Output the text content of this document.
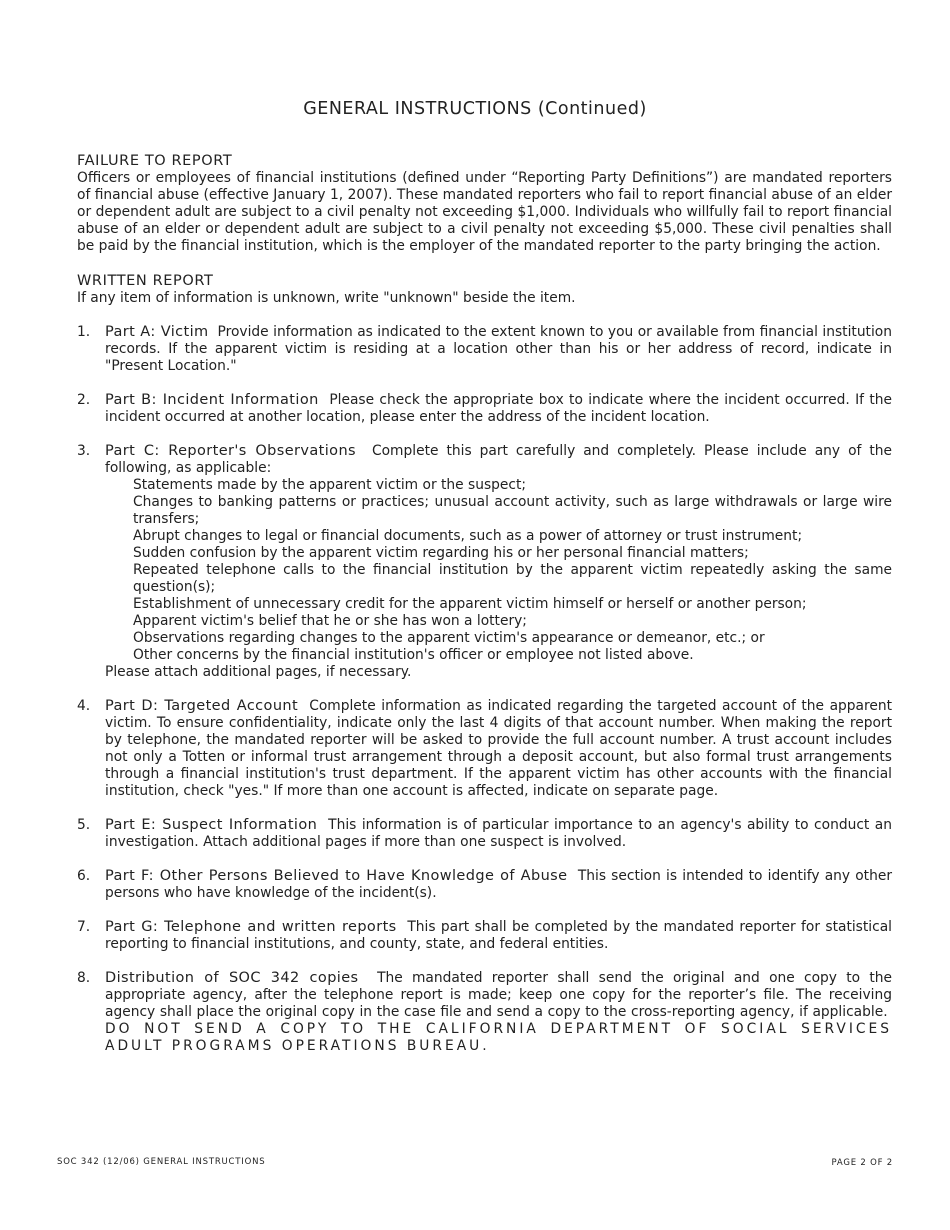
GENERAL INSTRUCTIONS (Continued)
FAILURE TO REPORT
Officers or employees of financial institutions (defined under “Reporting Party Definitions”) are mandated reporters of financial abuse (effective January 1, 2007). These mandated reporters who fail to report financial abuse of an elder or dependent adult are subject to a civil penalty not exceeding $1,000. Individuals who willfully fail to report financial abuse of an elder or dependent adult are subject to a civil penalty not exceeding $5,000. These civil penalties shall be paid by the financial institution, which is the employer of the mandated reporter to the party bringing the action.
WRITTEN REPORT
If any item of information is unknown, write "unknown" beside the item.
1. Part A: Victim Provide information as indicated to the extent known to you or available from financial institution records. If the apparent victim is residing at a location other than his or her address of record, indicate in "Present Location."
2. Part B: Incident Information Please check the appropriate box to indicate where the incident occurred. If the incident occurred at another location, please enter the address of the incident location.
3. Part C: Reporter's Observations Complete this part carefully and completely. Please include any of the following, as applicable:
Statements made by the apparent victim or the suspect;
Changes to banking patterns or practices; unusual account activity, such as large withdrawals or large wire transfers;
Abrupt changes to legal or financial documents, such as a power of attorney or trust instrument;
Sudden confusion by the apparent victim regarding his or her personal financial matters;
Repeated telephone calls to the financial institution by the apparent victim repeatedly asking the same question(s);
Establishment of unnecessary credit for the apparent victim himself or herself or another person;
Apparent victim's belief that he or she has won a lottery;
Observations regarding changes to the apparent victim's appearance or demeanor, etc.; or
Other concerns by the financial institution's officer or employee not listed above.
Please attach additional pages, if necessary.
4. Part D: Targeted Account Complete information as indicated regarding the targeted account of the apparent victim. To ensure confidentiality, indicate only the last 4 digits of that account number. When making the report by telephone, the mandated reporter will be asked to provide the full account number. A trust account includes not only a Totten or informal trust arrangement through a deposit account, but also formal trust arrangements through a financial institution's trust department. If the apparent victim has other accounts with the financial institution, check "yes." If more than one account is affected, indicate on separate page.
5. Part E: Suspect Information  This information is of particular importance to an agency's ability to conduct an investigation. Attach additional pages if more than one suspect is involved.
6. Part F: Other Persons Believed to Have Knowledge of Abuse This section is intended to identify any other persons who have knowledge of the incident(s).
7. Part G: Telephone and written reports This part shall be completed by the mandated reporter for statistical reporting to financial institutions, and county, state, and federal entities.
8. Distribution of SOC 342 copies The mandated reporter shall send the original and one copy to the appropriate agency, after the telephone report is made; keep one copy for the reporter’s file. The receiving agency shall place the original copy in the case file and send a copy to the cross-reporting agency, if applicable.  DO NOT SEND A COPY TO THE CALIFORNIA DEPARTMENT OF SOCIAL SERVICES ADULT PROGRAMS OPERATIONS BUREAU.
SOC 342 (12/06) GENERAL INSTRUCTIONS	PAGE 2 OF 2
